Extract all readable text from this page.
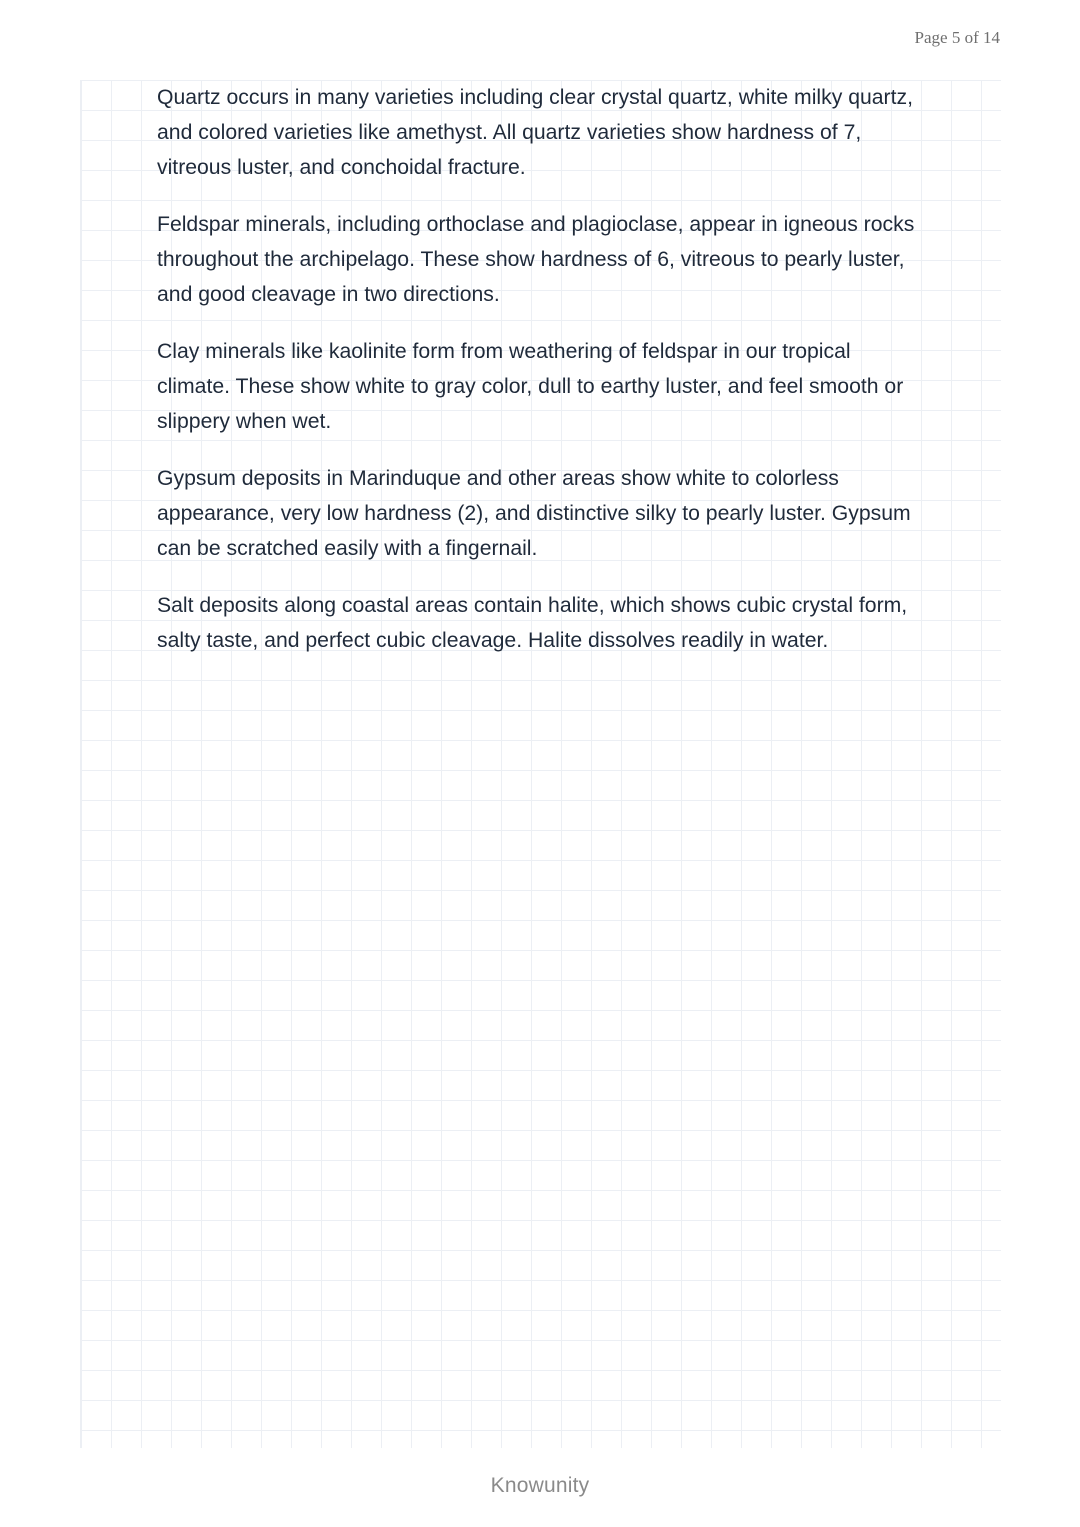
Page 5 of 14

Quartz occurs in many varieties including clear crystal quartz, white milky quartz, and colored varieties like amethyst. All quartz varieties show hardness of 7, vitreous luster, and conchoidal fracture.

Feldspar minerals, including orthoclase and plagioclase, appear in igneous rocks throughout the archipelago. These show hardness of 6, vitreous to pearly luster, and good cleavage in two directions.

Clay minerals like kaolinite form from weathering of feldspar in our tropical climate. These show white to gray color, dull to earthy luster, and feel smooth or slippery when wet.

Gypsum deposits in Marinduque and other areas show white to colorless appearance, very low hardness (2), and distinctive silky to pearly luster. Gypsum can be scratched easily with a fingernail.

Salt deposits along coastal areas contain halite, which shows cubic crystal form, salty taste, and perfect cubic cleavage. Halite dissolves readily in water.

Knowunity
